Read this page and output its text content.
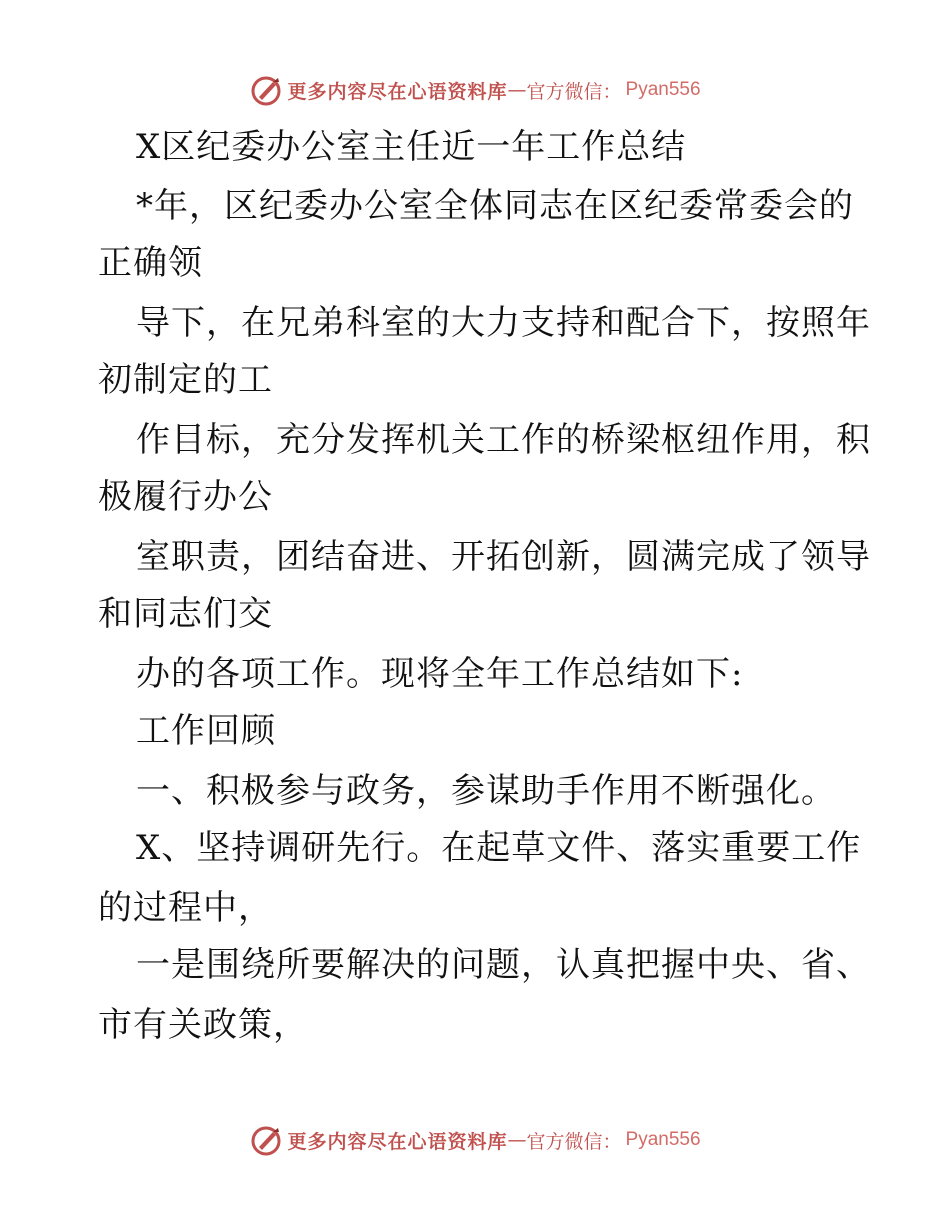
更多内容尽在心语资料库 — 官方微信 ： Pyan556
X区纪委办公室主任近一年工作总结
*年，区纪委办公室全体同志在区纪委常委会的
正确领
导下，在兄弟科室的大力支持和配合下，按照年
初制定的工
作目标，充分发挥机关工作的桥梁枢纽作用，积
极履行办公
室职责，团结奋进、开拓创新，圆满完成了领导
和同志们交
办的各项工作。现将全年工作总结如下:
工作回顾
一、积极参与政务，参谋助手作用不断强化。
X、坚持调研先行。在起草文件、落实重要工作
的过程中，
一是围绕所要解决的问题，认真把握中央、省、
市有关政策，
更多内容尽在心语资料库 — 官方微信 ： Pyan556
